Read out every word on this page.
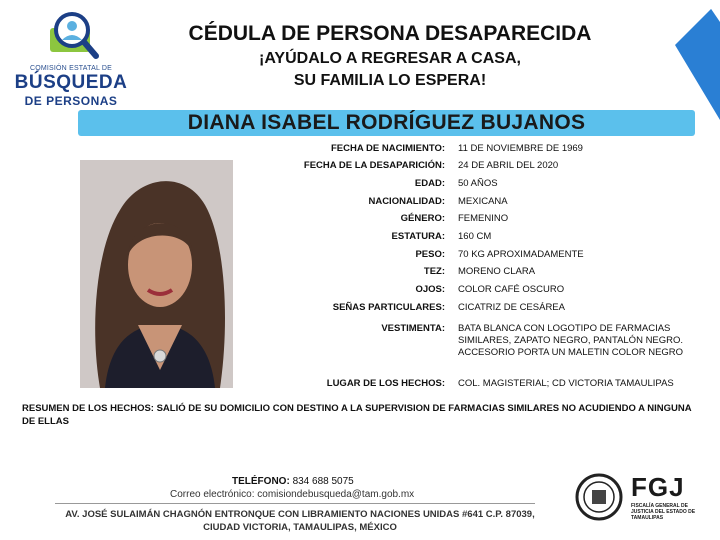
COMISIÓN ESTATAL DE
BÚSQUEDA
DE PERSONAS
CÉDULA DE PERSONA DESAPARECIDA
¡AYÚDALO A REGRESAR A CASA,
SU FAMILIA LO ESPERA!
DIANA ISABEL RODRÍGUEZ BUJANOS
FECHA DE NACIMIENTO: 11 DE NOVIEMBRE DE 1969
FECHA DE LA DESAPARICIÓN: 24 DE ABRIL DEL 2020
EDAD: 50 AÑOS
NACIONALIDAD: MEXICANA
GÉNERO: FEMENINO
ESTATURA: 160 CM
PESO: 70 KG APROXIMADAMENTE
TEZ: MORENO CLARA
OJOS: COLOR CAFÉ OSCURO
SEÑAS PARTICULARES: CICATRIZ DE CESÁREA
VESTIMENTA: BATA BLANCA CON LOGOTIPO DE FARMACIAS SIMILARES, ZAPATO NEGRO, PANTALÓN NEGRO. ACCESORIO PORTA UN MALETIN COLOR NEGRO
LUGAR DE LOS HECHOS: COL. MAGISTERIAL; CD VICTORIA TAMAULIPAS
RESUMEN DE LOS HECHOS: SALIÓ DE SU DOMICILIO CON DESTINO A LA SUPERVISION DE FARMACIAS SIMILARES NO ACUDIENDO A NINGUNA DE ELLAS
TELÉFONO: 834 688 5075
Correo electrónico: comisiondebusqueda@tam.gob.mx
AV. JOSÉ SULAIMÁN CHAGNÓN ENTRONQUE CON LIBRAMIENTO NACIONES UNIDAS #641 C.P. 87039,
CIUDAD VICTORIA, TAMAULIPAS, MÉXICO
FGJ
FISCALÍA GENERAL DE JUSTICIA DEL ESTADO DE TAMAULIPAS
